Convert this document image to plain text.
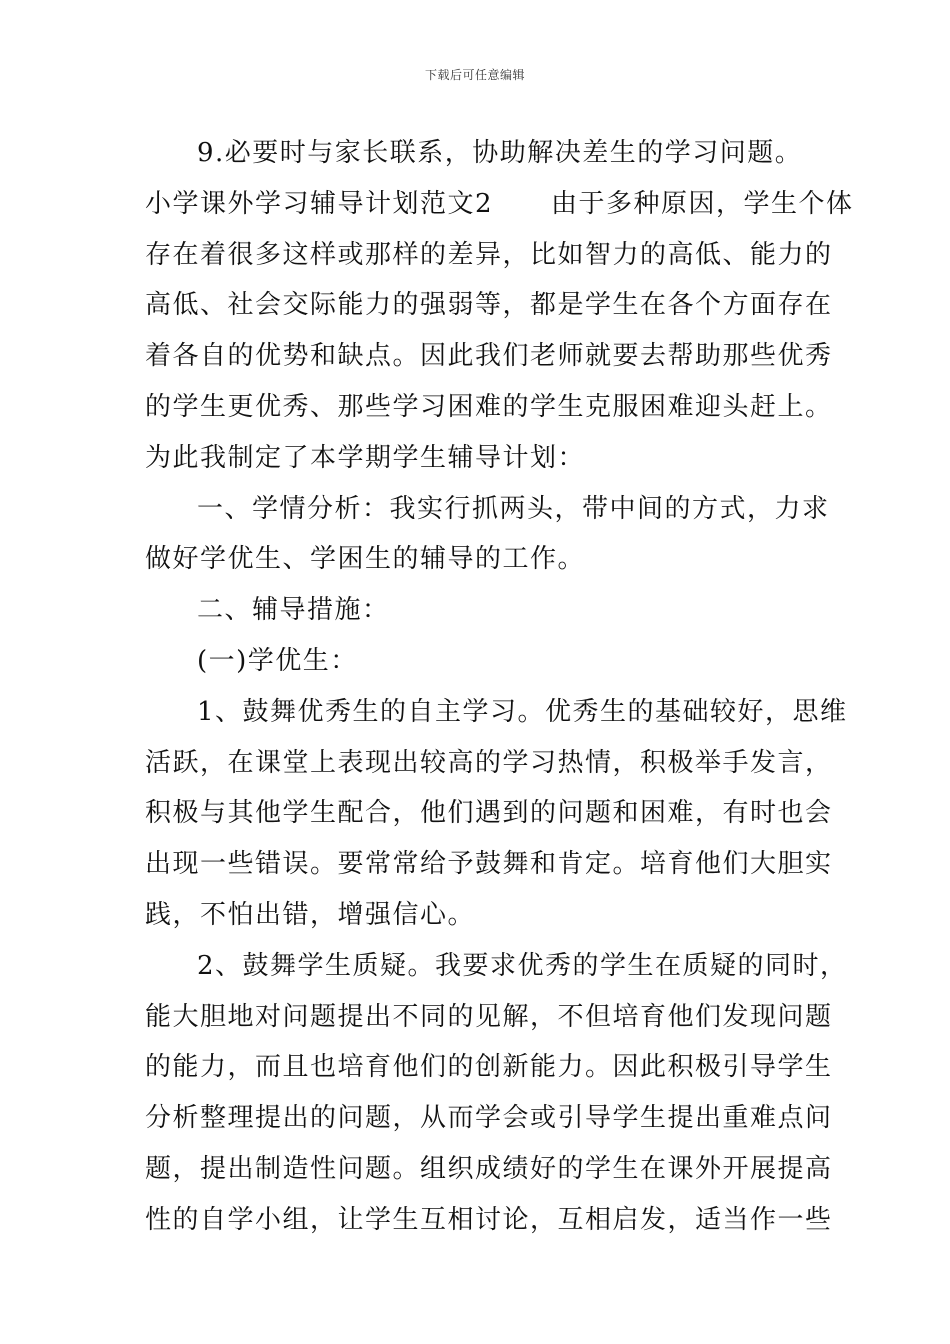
下载后可任意编辑
9.必要时与家长联系，协助解决差生的学习问题。
小学课外学习辅导计划范文2 由于多种原因，学生个体
存在着很多这样或那样的差异，比如智力的高低、能力的
高低、社会交际能力的强弱等，都是学生在各个方面存在
着各自的优势和缺点。因此我们老师就要去帮助那些优秀
的学生更优秀、那些学习困难的学生克服困难迎头赶上。
为此我制定了本学期学生辅导计划：
一、学情分析：我实行抓两头，带中间的方式，力求
做好学优生、学困生的辅导的工作。
二、辅导措施：
(一)学优生：
1、鼓舞优秀生的自主学习。优秀生的基础较好，思维
活跃，在课堂上表现出较高的学习热情，积极举手发言，
积极与其他学生配合，他们遇到的问题和困难，有时也会
出现一些错误。要常常给予鼓舞和肯定。培育他们大胆实
践，不怕出错，增强信心。
2、鼓舞学生质疑。我要求优秀的学生在质疑的同时，
能大胆地对问题提出不同的见解，不但培育他们发现问题
的能力，而且也培育他们的创新能力。因此积极引导学生
分析整理提出的问题，从而学会或引导学生提出重难点问
题，提出制造性问题。组织成绩好的学生在课外开展提高
性的自学小组，让学生互相讨论，互相启发，适当作一些
